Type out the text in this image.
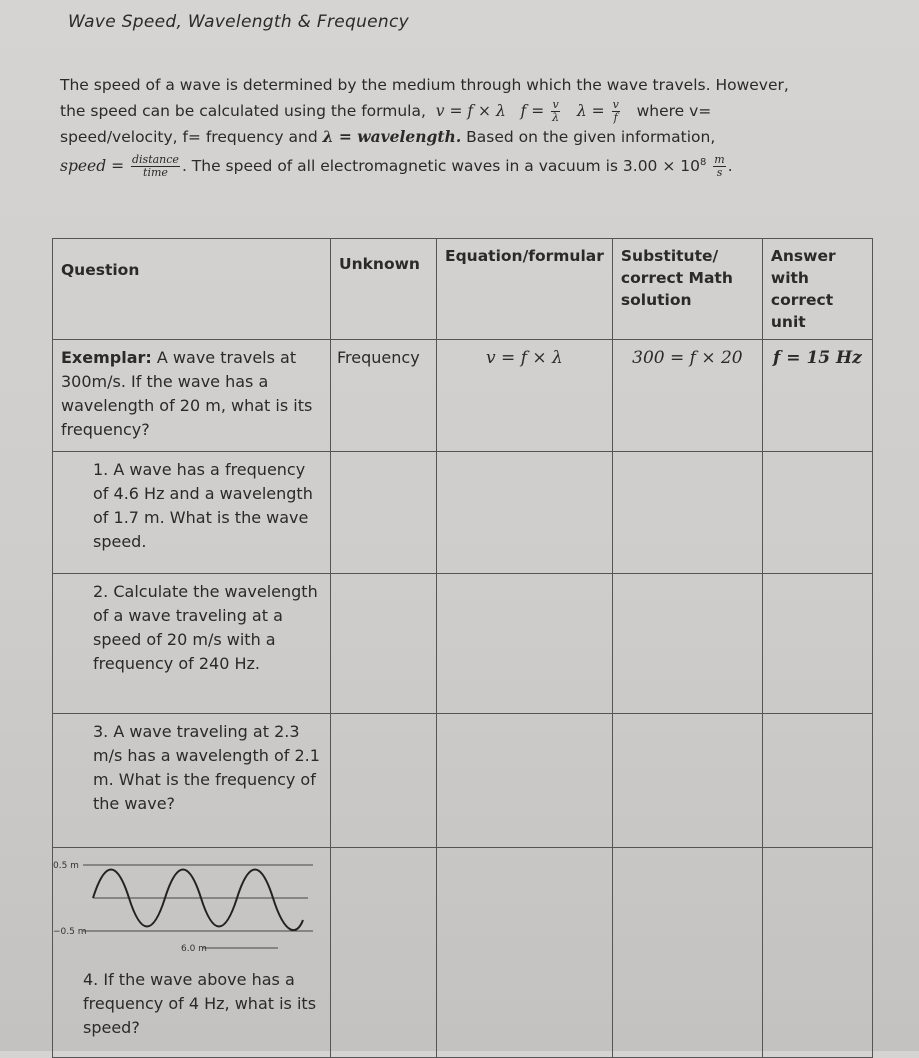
Wave Speed, Wavelength & Frequency
The speed of a wave is determined by the medium through which the wave travels. However,
the speed can be calculated using the formula, v = f × λ $f = \frac{v}{\lambda}$ $\lambda = \frac{v}{f}$ where v=
speed/velocity, f= frequency and λ = wavelength. Based on the given information,
speed = $\frac{\text{distance}}{\text{time}}$ . The speed of all electromagnetic waves in a vacuum is $3.00 \times 10^8 \frac{m}{s}$ .
Question	Unknown	Equation/formular	Substitute/ correct Math solution	Answer with correct unit
Exemplar: A wave travels at 300m/s. If the wave has a wavelength of 20 m, what is its frequency?	Frequency	v = f × λ	300 = f × 20	f = 15 Hz
1. A wave has a frequency of 4.6 Hz and a wavelength of 1.7 m. What is the wave speed.				
2. Calculate the wavelength of a wave traveling at a speed of 20 m/s with a frequency of 240 Hz.				
3. A wave traveling at 2.3 m/s has a wavelength of 2.1 m. What is the frequency of the wave?				

0.5 m
−0.5 m
6.0 m
4. If the wave above has a frequency of 4 Hz, what is its speed?				
